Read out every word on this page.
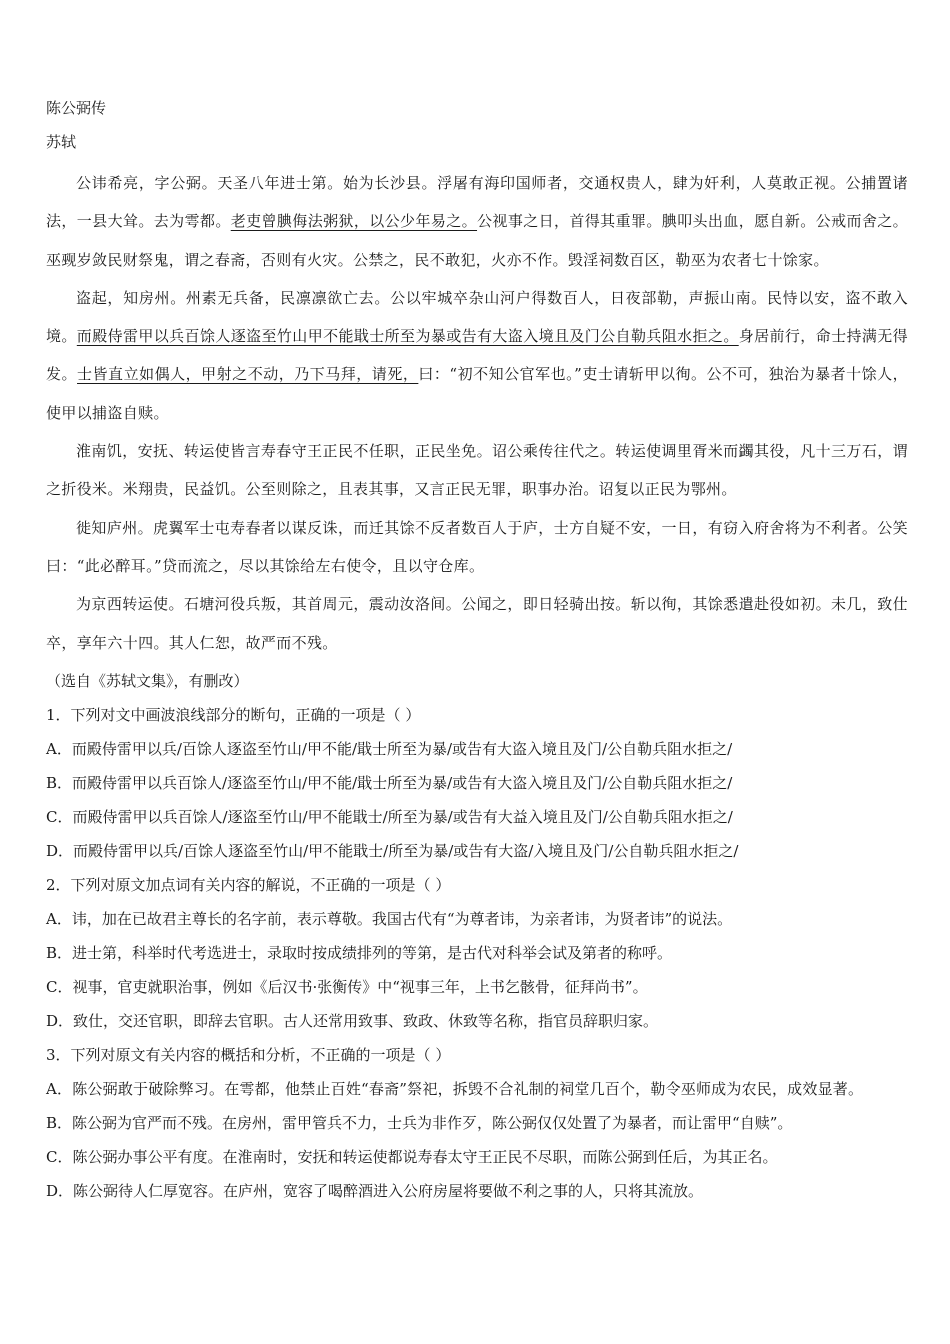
陈公弼传
苏轼
公讳希亮，字公弼。天圣八年进士第。始为长沙县。浮屠有海印国师者，交通权贵人，肆为奸利，人莫敢正视。公捕置诸法，一县大耸。去为雩都。老吏曾腆侮法粥狱，以公少年易之。公视事之日，首得其重罪。腆叩头出血，愿自新。公戒而舍之。巫觋岁敛民财祭鬼，谓之春斋，否则有火灾。公禁之，民不敢犯，火亦不作。毁淫祠数百区，勒巫为农者七十馀家。
盗起，知房州。州素无兵备，民凛凛欲亡去。公以牢城卒杂山河户得数百人，日夜部勒，声振山南。民恃以安，盗不敢入境。而殿侍雷甲以兵百馀人逐盗至竹山甲不能戢士所至为暴或告有大盗入境且及门公自勒兵阻水拒之。身居前行，命士持满无得发。士皆直立如偶人，甲射之不动，乃下马拜，请死，曰：“初不知公官军也。”吏士请斩甲以徇。公不可，独治为暴者十馀人，使甲以捕盗自赎。
淮南饥，安抚、转运使皆言寿春守王正民不任职，正民坐免。诏公乘传往代之。转运使调里胥米而蠲其役，凡十三万石，谓之折役米。米翔贵，民益饥。公至则除之，且表其事，又言正民无罪，职事办治。诏复以正民为鄂州。
徙知庐州。虎翼军士屯寿春者以谋反诛，而迁其馀不反者数百人于庐，士方自疑不安，一日，有窃入府舍将为不利者。公笑曰：“此必醉耳。”贷而流之，尽以其馀给左右使令，且以守仓库。
为京西转运使。石塘河役兵叛，其首周元，震动汝洛间。公闻之，即日轻骑出按。斩以徇，其馀悉遣赴役如初。未几，致仕卒，享年六十四。其人仁恕，故严而不残。
（选自《苏轼文集》，有删改）
1．下列对文中画波浪线部分的断句，正确的一项是（ ）
A．而殿侍雷甲以兵/百馀人逐盗至竹山/甲不能/戢士所至为暴/或告有大盗入境且及门/公自勒兵阻水拒之/
B．而殿侍雷甲以兵百馀人/逐盗至竹山/甲不能/戢士所至为暴/或告有大盗入境且及门/公自勒兵阻水拒之/
C．而殿侍雷甲以兵百馀人/逐盗至竹山/甲不能戢士/所至为暴/或告有大益入境且及门/公自勒兵阻水拒之/
D．而殿侍雷甲以兵/百馀人逐盗至竹山/甲不能戢士/所至为暴/或告有大盗/入境且及门/公自勒兵阻水拒之/
2．下列对原文加点词有关内容的解说，不正确的一项是（ ）
A．讳，加在已故君主尊长的名字前，表示尊敬。我国古代有“为尊者讳，为亲者讳，为贤者讳”的说法。
B．进士第，科举时代考选进士，录取时按成绩排列的等第，是古代对科举会试及第者的称呼。
C．视事，官吏就职治事，例如《后汉书·张衡传》中“视事三年，上书乞骸骨，征拜尚书”。
D．致仕，交还官职，即辞去官职。古人还常用致事、致政、休致等名称，指官员辞职归家。
3．下列对原文有关内容的概括和分析，不正确的一项是（ ）
A．陈公弼敢于破除弊习。在雩都，他禁止百姓“春斋”祭祀，拆毁不合礼制的祠堂几百个，勒令巫师成为农民，成效显著。
B．陈公弼为官严而不残。在房州，雷甲管兵不力，士兵为非作歹，陈公弼仅仅处置了为暴者，而让雷甲“自赎”。
C．陈公弼办事公平有度。在淮南时，安抚和转运使都说寿春太守王正民不尽职，而陈公弼到任后，为其正名。
D．陈公弼待人仁厚宽容。在庐州，宽容了喝醉酒进入公府房屋将要做不利之事的人，只将其流放。
